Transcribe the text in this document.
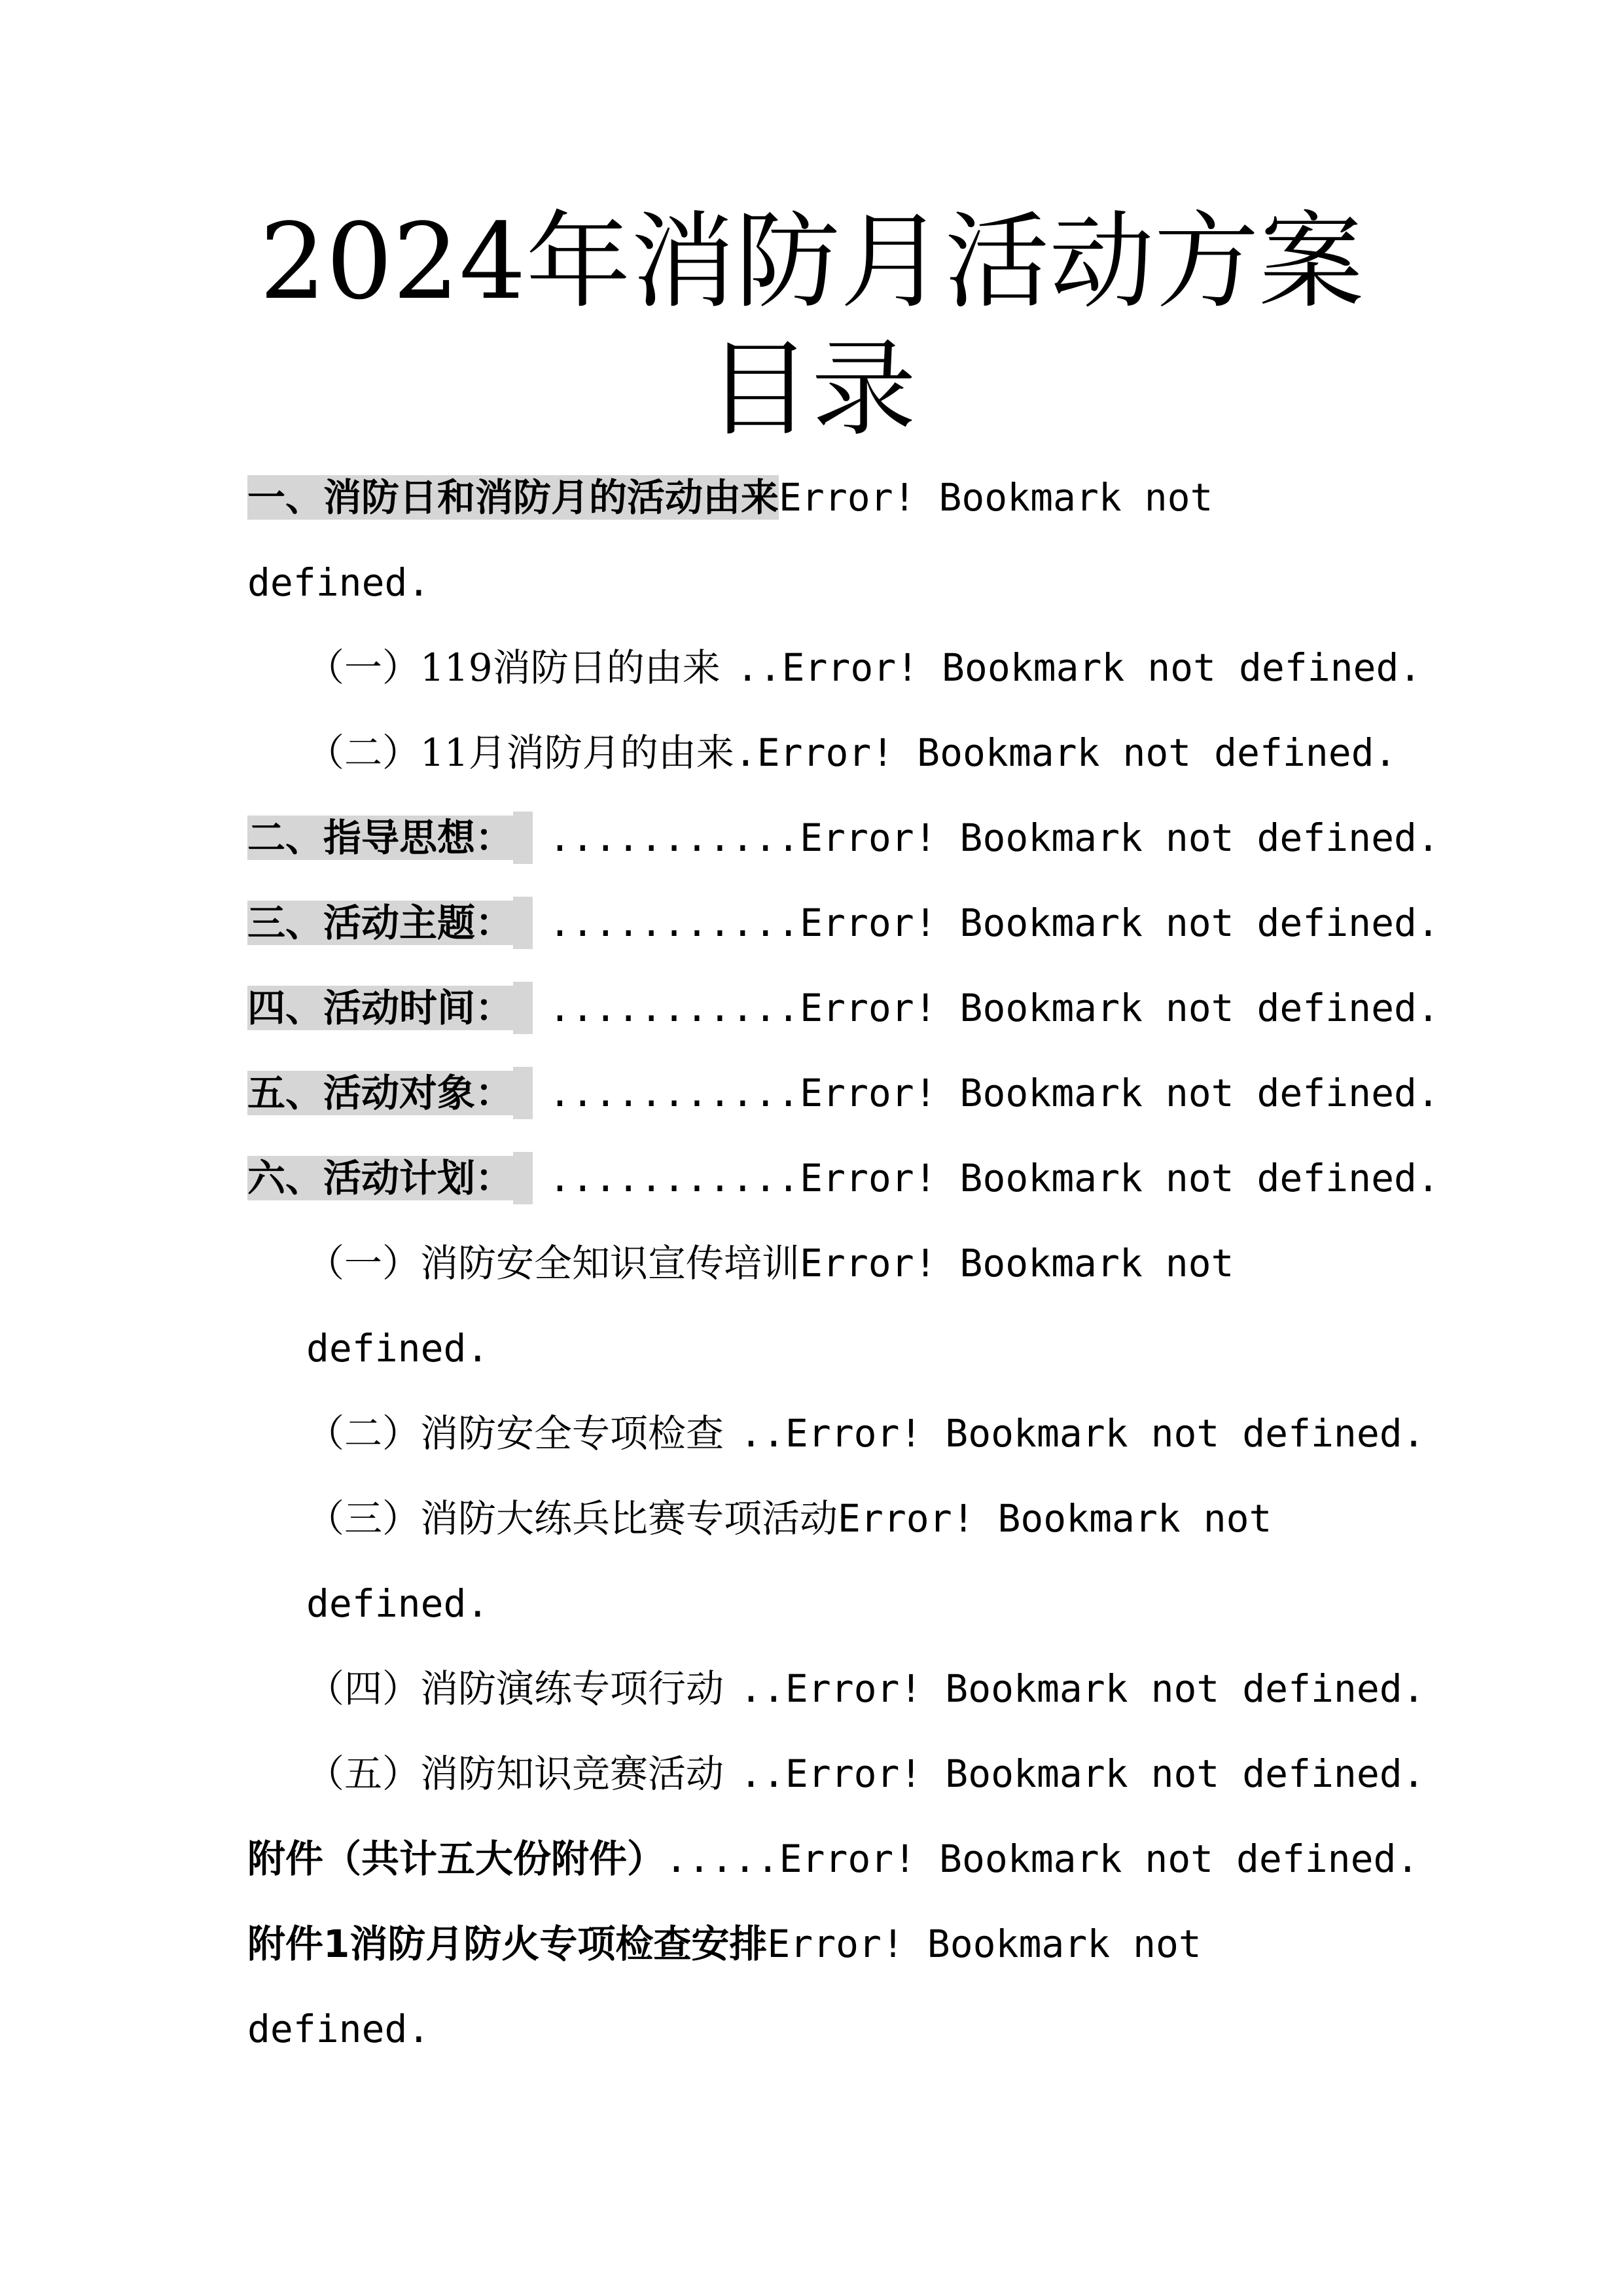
2024年消防月活动方案
目录
一、消防日和消防月的活动由来Error! Bookmark not
defined.
（一）119消防日的由来 ..Error! Bookmark not defined.
（二）11月消防月的由来.Error! Bookmark not defined.
二、指导思想： ...........Error! Bookmark not defined.
三、活动主题： ...........Error! Bookmark not defined.
四、活动时间： ...........Error! Bookmark not defined.
五、活动对象： ...........Error! Bookmark not defined.
六、活动计划： ...........Error! Bookmark not defined.
（一）消防安全知识宣传培训Error! Bookmark not
defined.
（二）消防安全专项检查 ..Error! Bookmark not defined.
（三）消防大练兵比赛专项活动Error! Bookmark not
defined.
（四）消防演练专项行动 ..Error! Bookmark not defined.
（五）消防知识竞赛活动 ..Error! Bookmark not defined.
附件（共计五大份附件）.....Error! Bookmark not defined.
附件1消防月防火专项检查安排Error! Bookmark not
defined.
